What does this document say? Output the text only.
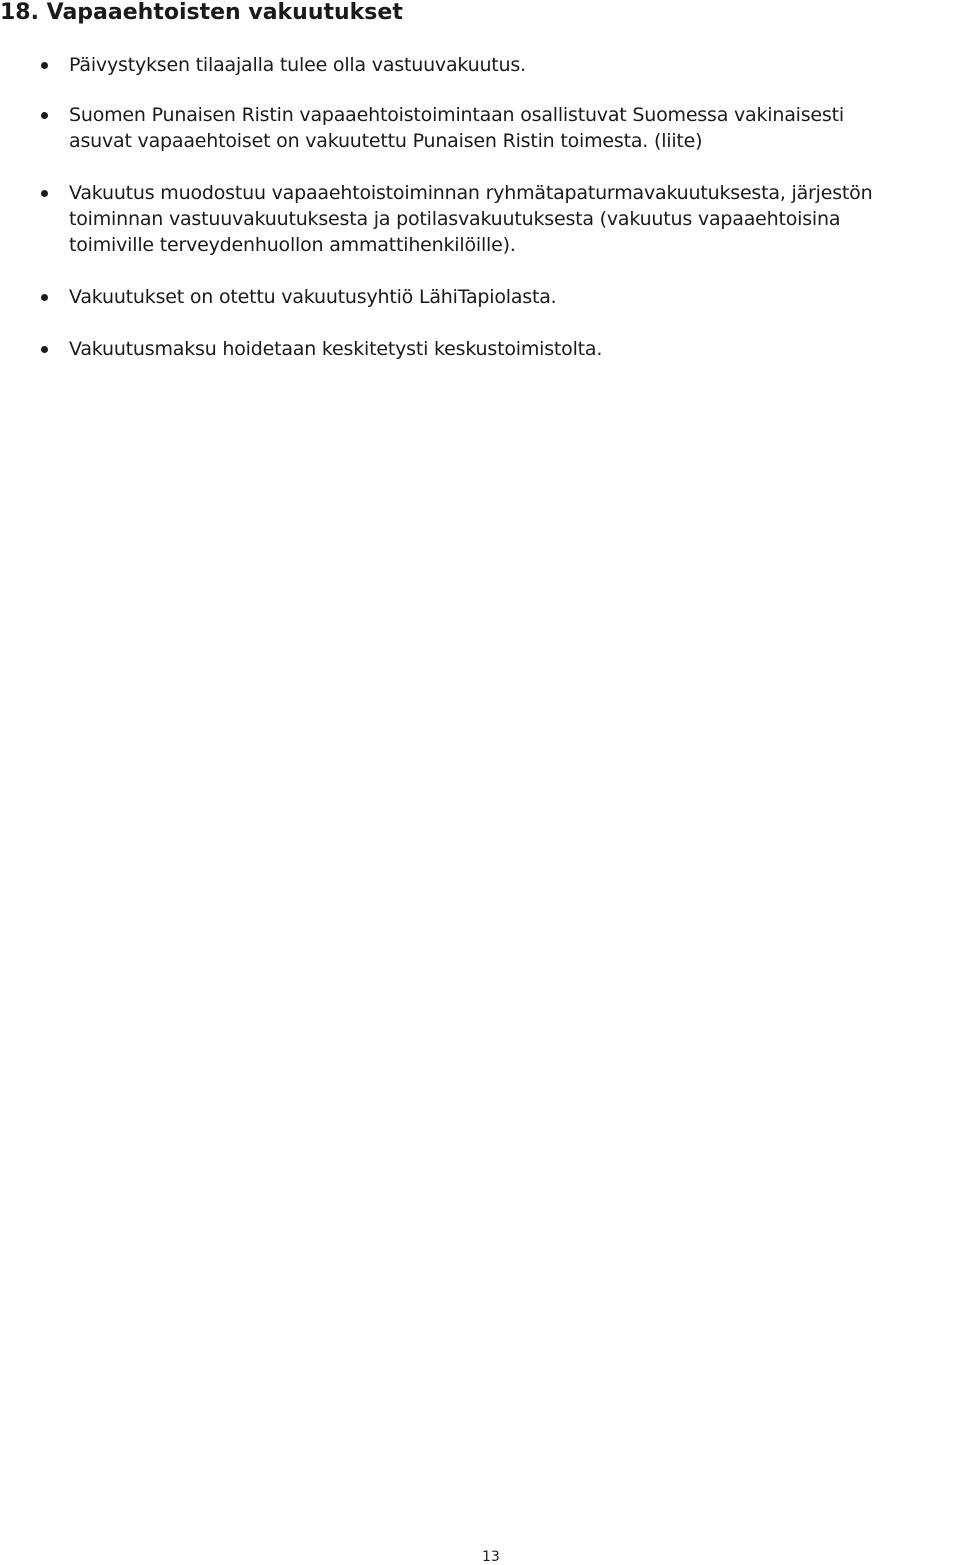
18. Vapaaehtoisten vakuutukset
Päivystyksen tilaajalla tulee olla vastuuvakuutus.
Suomen Punaisen Ristin vapaaehtoistoimintaan osallistuvat Suomessa vakinaisesti
asuvat vapaaehtoiset on vakuutettu Punaisen Ristin toimesta. (liite)
Vakuutus muodostuu vapaaehtoistoiminnan ryhmätapaturmavakuutuksesta, järjestön
toiminnan vastuuvakuutuksesta ja potilasvakuutuksesta (vakuutus vapaaehtoisina
toimiville terveydenhuollon ammattihenkilöille).
Vakuutukset on otettu vakuutusyhtiö LähiTapiolasta.
Vakuutusmaksu hoidetaan keskitetysti keskustoimistolta.
13
